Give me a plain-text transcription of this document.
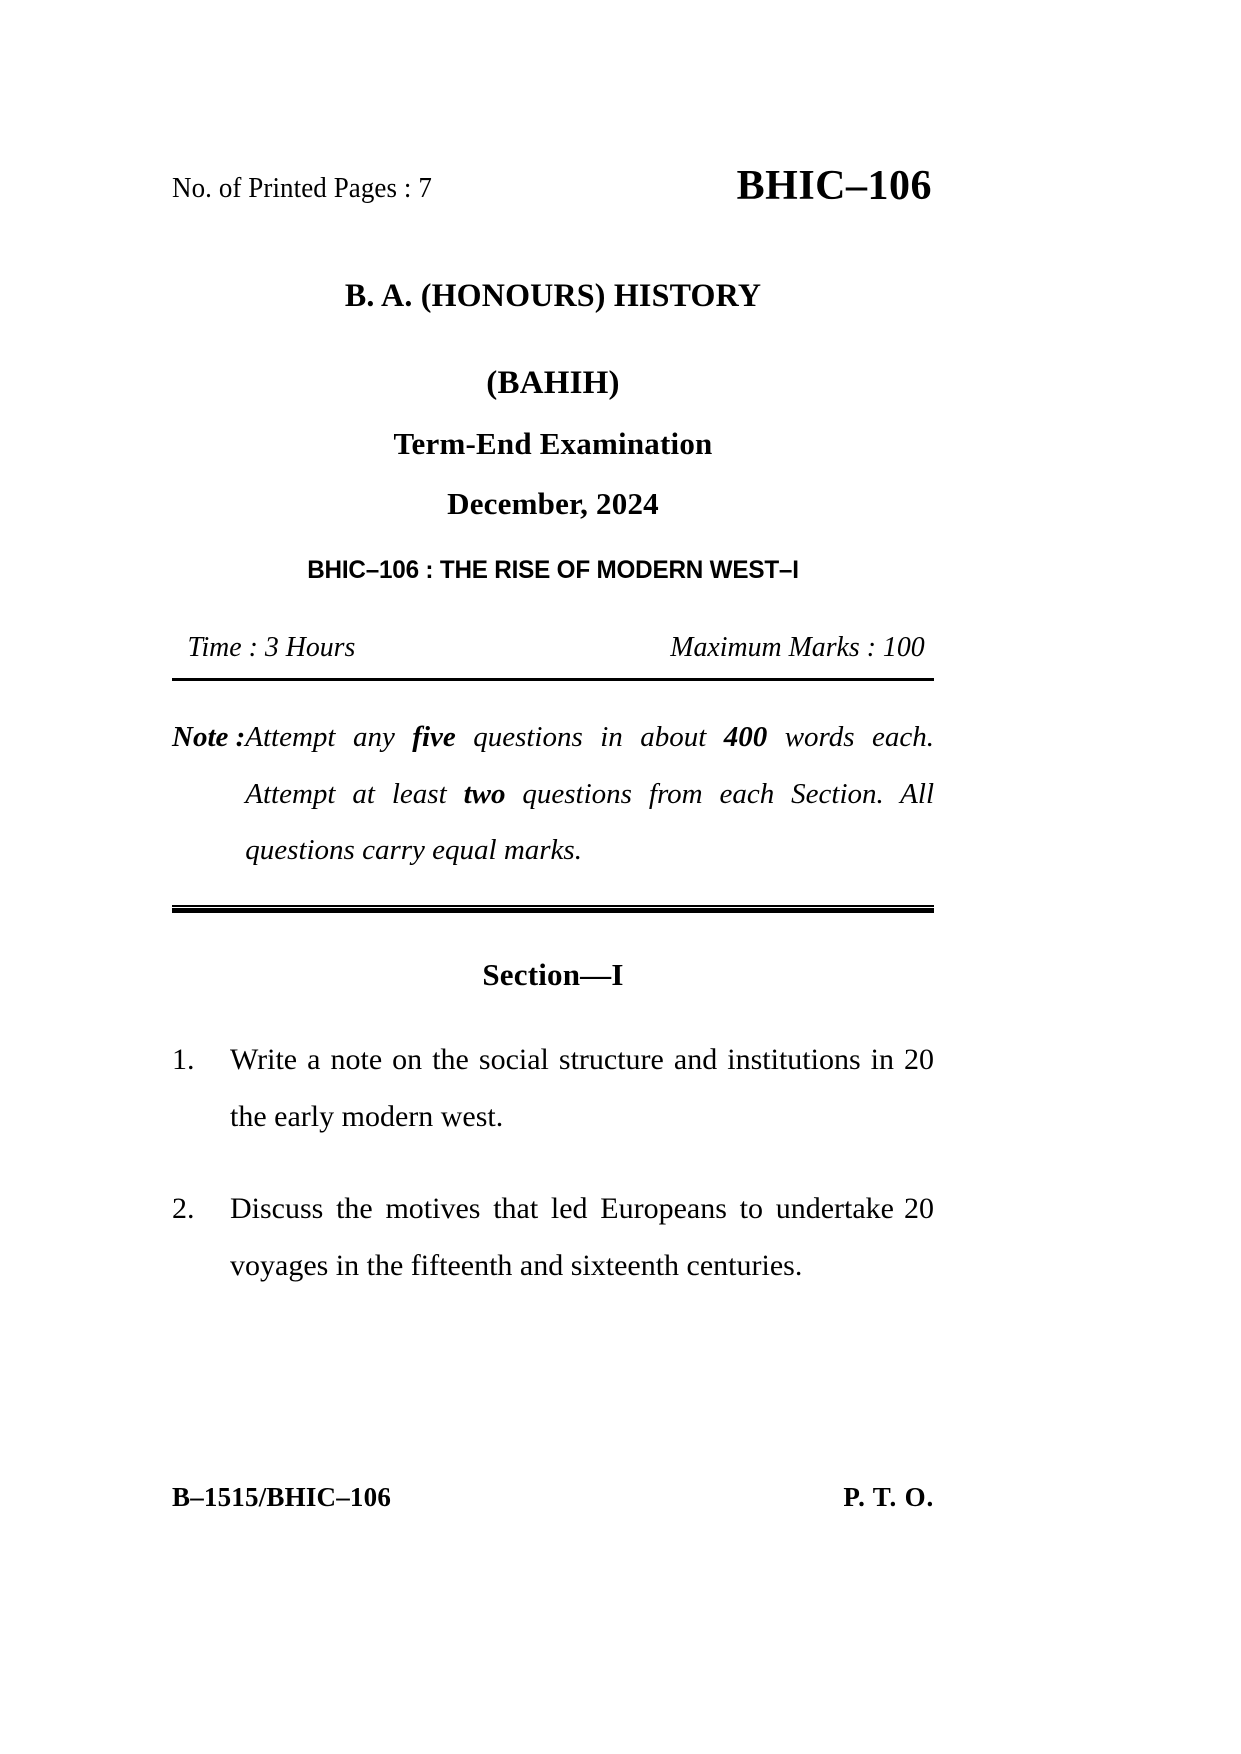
No. of Printed Pages : 7	BHIC–106
B. A. (HONOURS) HISTORY
(BAHIH)
Term-End Examination
December, 2024
BHIC–106 : THE RISE OF MODERN WEST–I
Time : 3 Hours	Maximum Marks : 100
Note : Attempt any five questions in about 400 words each. Attempt at least two questions from each Section. All questions carry equal marks.
Section—I
1.	20
Write a note on the social structure and institutions in the early modern west.
2.	20
Discuss the motives that led Europeans to undertake voyages in the fifteenth and sixteenth centuries.
B–1515/BHIC–106	P. T. O.
